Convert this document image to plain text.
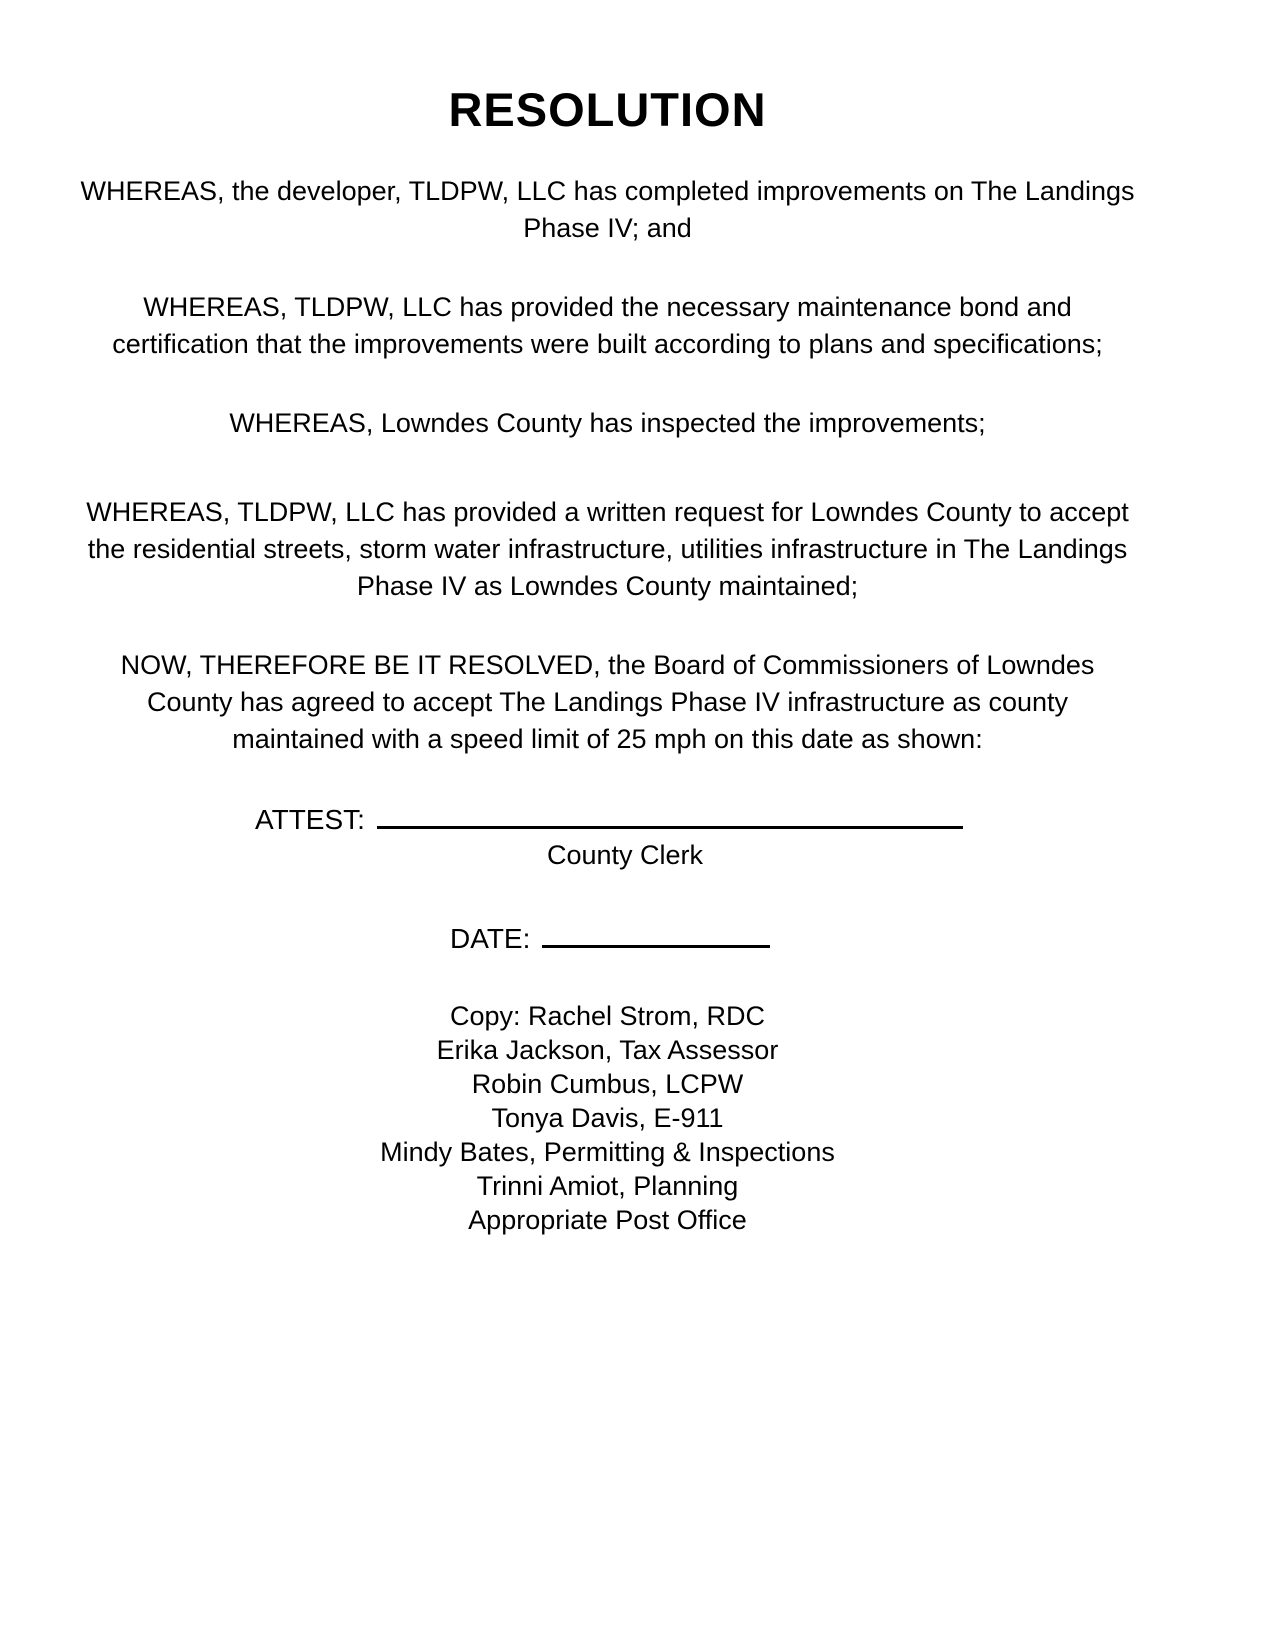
RESOLUTION

WHEREAS, the developer, TLDPW, LLC has completed improvements on The Landings Phase IV; and

WHEREAS, TLDPW, LLC has provided the necessary maintenance bond and certification that the improvements were built according to plans and specifications;

WHEREAS, Lowndes County has inspected the improvements;

WHEREAS, TLDPW, LLC has provided a written request for Lowndes County to accept the residential streets, storm water infrastructure, utilities infrastructure in The Landings Phase IV as Lowndes County maintained;

NOW, THEREFORE BE IT RESOLVED, the Board of Commissioners of Lowndes County has agreed to accept The Landings Phase IV infrastructure as county maintained with a speed limit of 25 mph on this date as shown:

ATTEST:
County Clerk
DATE:

Copy: Rachel Strom, RDC

Erika Jackson, Tax Assessor

Robin Cumbus, LCPW

Tonya Davis, E-911

Mindy Bates, Permitting & Inspections

Trinni Amiot, Planning

Appropriate Post Office
